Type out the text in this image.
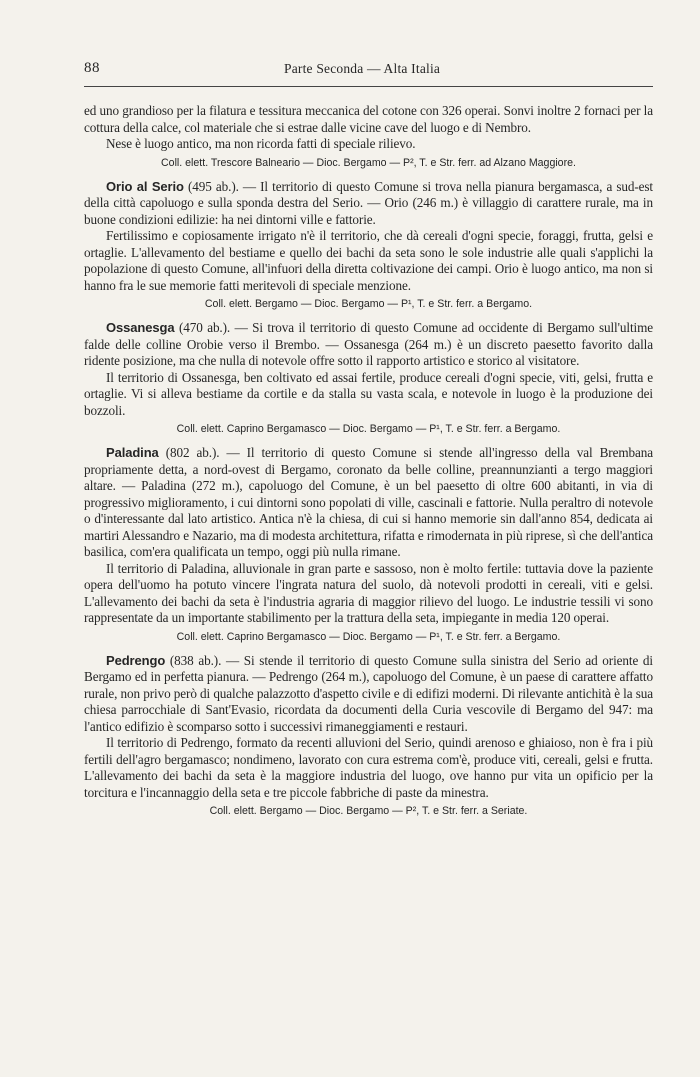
88	Parte Seconda — Alta Italia

ed uno grandioso per la filatura e tessitura meccanica del cotone con 326 operai. Sonvi inoltre 2 fornaci per la cottura della calce, col materiale che si estrae dalle vicine cave del luogo e di Nembro.

Nese è luogo antico, ma non ricorda fatti di speciale rilievo.

Coll. elett. Trescore Balneario — Dioc. Bergamo — P², T. e Str. ferr. ad Alzano Maggiore.

Orio al Serio (495 ab.). — Il territorio di questo Comune si trova nella pianura bergamasca, a sud-est della città capoluogo e sulla sponda destra del Serio. — Orio (246 m.) è villaggio di carattere rurale, ma in buone condizioni edilizie: ha nei dintorni ville e fattorie.

Fertilissimo e copiosamente irrigato n'è il territorio, che dà cereali d'ogni specie, foraggi, frutta, gelsi e ortaglie. L'allevamento del bestiame e quello dei bachi da seta sono le sole industrie alle quali s'applichi la popolazione di questo Comune, all'infuori della diretta coltivazione dei campi. Orio è luogo antico, ma non si hanno fra le sue memorie fatti meritevoli di speciale menzione.

Coll. elett. Bergamo — Dioc. Bergamo — P¹, T. e Str. ferr. a Bergamo.

Ossanesga (470 ab.). — Si trova il territorio di questo Comune ad occidente di Bergamo sull'ultime falde delle colline Orobie verso il Brembo. — Ossanesga (264 m.) è un discreto paesetto favorito dalla ridente posizione, ma che nulla di notevole offre sotto il rapporto artistico e storico al visitatore.

Il territorio di Ossanesga, ben coltivato ed assai fertile, produce cereali d'ogni specie, viti, gelsi, frutta e ortaglie. Vi si alleva bestiame da cortile e da stalla su vasta scala, e notevole in luogo è la produzione dei bozzoli.

Coll. elett. Caprino Bergamasco — Dioc. Bergamo — P¹, T. e Str. ferr. a Bergamo.

Paladina (802 ab.). — Il territorio di questo Comune si stende all'ingresso della val Brembana propriamente detta, a nord-ovest di Bergamo, coronato da belle colline, preannunzianti a tergo maggiori altare. — Paladina (272 m.), capoluogo del Comune, è un bel paesetto di oltre 600 abitanti, in via di progressivo miglioramento, i cui dintorni sono popolati di ville, cascinali e fattorie. Nulla peraltro di notevole o d'interessante dal lato artistico. Antica n'è la chiesa, di cui si hanno memorie sin dall'anno 854, dedicata ai martiri Alessandro e Nazario, ma di modesta architettura, rifatta e rimodernata in più riprese, sì che dell'antica basilica, com'era qualificata un tempo, oggi più nulla rimane.

Il territorio di Paladina, alluvionale in gran parte e sassoso, non è molto fertile: tuttavia dove la paziente opera dell'uomo ha potuto vincere l'ingrata natura del suolo, dà notevoli prodotti in cereali, viti e gelsi. L'allevamento dei bachi da seta è l'industria agraria di maggior rilievo del luogo. Le industrie tessili vi sono rappresentate da un importante stabilimento per la trattura della seta, impiegante in media 120 operai.

Coll. elett. Caprino Bergamasco — Dioc. Bergamo — P¹, T. e Str. ferr. a Bergamo.

Pedrengo (838 ab.). — Si stende il territorio di questo Comune sulla sinistra del Serio ad oriente di Bergamo ed in perfetta pianura. — Pedrengo (264 m.), capoluogo del Comune, è un paese di carattere affatto rurale, non privo però di qualche palazzotto d'aspetto civile e di edifizi moderni. Di rilevante antichità è la sua chiesa parrocchiale di Sant'Evasio, ricordata da documenti della Curia vescovile di Bergamo del 947: ma l'antico edifizio è scomparso sotto i successivi rimaneggiamenti e restauri.

Il territorio di Pedrengo, formato da recenti alluvioni del Serio, quindi arenoso e ghiaioso, non è fra i più fertili dell'agro bergamasco; nondimeno, lavorato con cura estrema com'è, produce viti, cereali, gelsi e frutta. L'allevamento dei bachi da seta è la maggiore industria del luogo, ove hanno pur vita un opificio per la torcitura e l'incannaggio della seta e tre piccole fabbriche di paste da minestra.

Coll. elett. Bergamo — Dioc. Bergamo — P², T. e Str. ferr. a Seriate.
